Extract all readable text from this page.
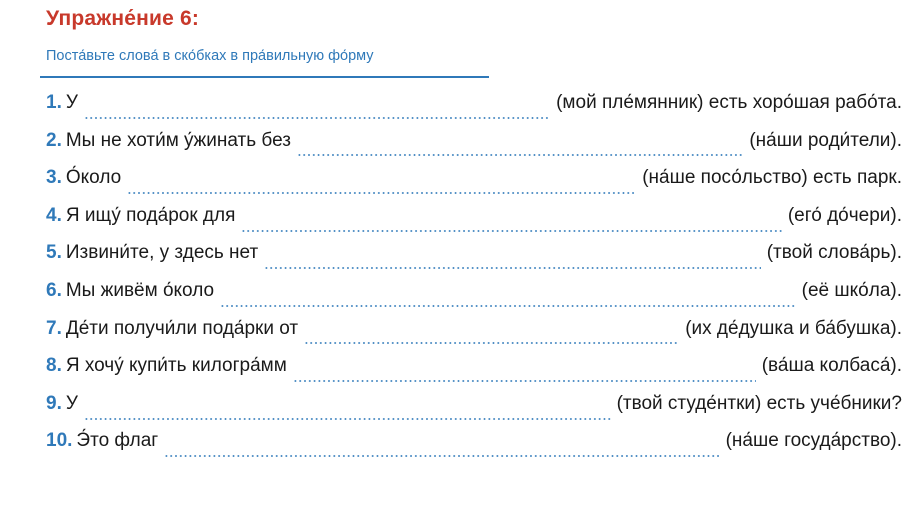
Упражне́ние 6:
Поста́вьте слова́ в ско́бках в пра́вильную фо́рму
1. У	(мой пле́мянник) есть хоро́шая рабо́та.
2. Мы не хоти́м у́жинать без	(на́ши роди́тели).
3. О́коло	(на́ше посо́льство) есть парк.
4. Я ищу́ пода́рок для	(его́ до́чери).
5. Извини́те, у здесь нет	(твой слова́рь).
6. Мы живём о́коло	(её шко́ла).
7. Де́ти получи́ли пода́рки от	(их де́душка и ба́бушка).
8. Я хочу́ купи́ть килогра́мм	(ва́ша колбаса́).
9. У	(твой студе́нтки) есть уче́бники?
10. Э́то флаг	(на́ше госуда́рство).
